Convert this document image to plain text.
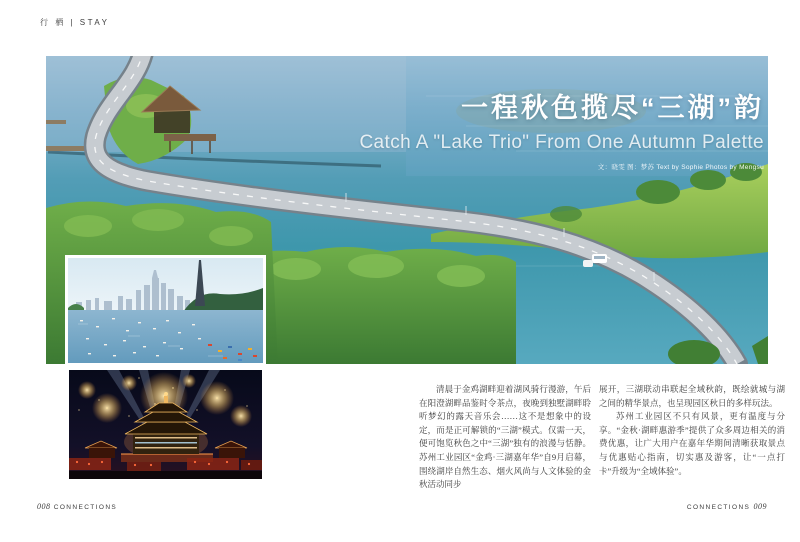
行 栖 | STAY
一程秋色揽尽“三湖”韵
Catch A "Lake Trio" From One Autumn Palette
文：晓雯 图：梦苏 Text by Sophie Photos by Mengsu

清晨于金鸡湖畔迎着湖风骑行漫游，午后在阳澄湖畔品鉴时令茶点，夜晚到独墅湖畔聆听梦幻的露天音乐会……这不是想象中的设定，而是正可解锁的“三湖”模式。仅需一天，便可饱览秋色之中“三湖”独有的浪漫与恬静。苏州工业园区“金鸡·三湖嘉年华”自9月启幕，围绕湖岸自然生态、烟火风尚与人文体验的金秋活动同步

展开，三湖联动串联起全域秋韵，既绘就城与湖之间的精华景点，也呈现园区秋日的多样玩法。

苏州工业园区不只有风景，更有温度与分享。“金秋·湖畔惠游季”提供了众多周边相关的消费优惠，让广大用户在嘉年华期间清晰获取景点与优惠贴心指南，切实惠及游客，让“一点打卡”升级为“全域体验”。

008 CONNECTIONS	CONNECTIONS 009
